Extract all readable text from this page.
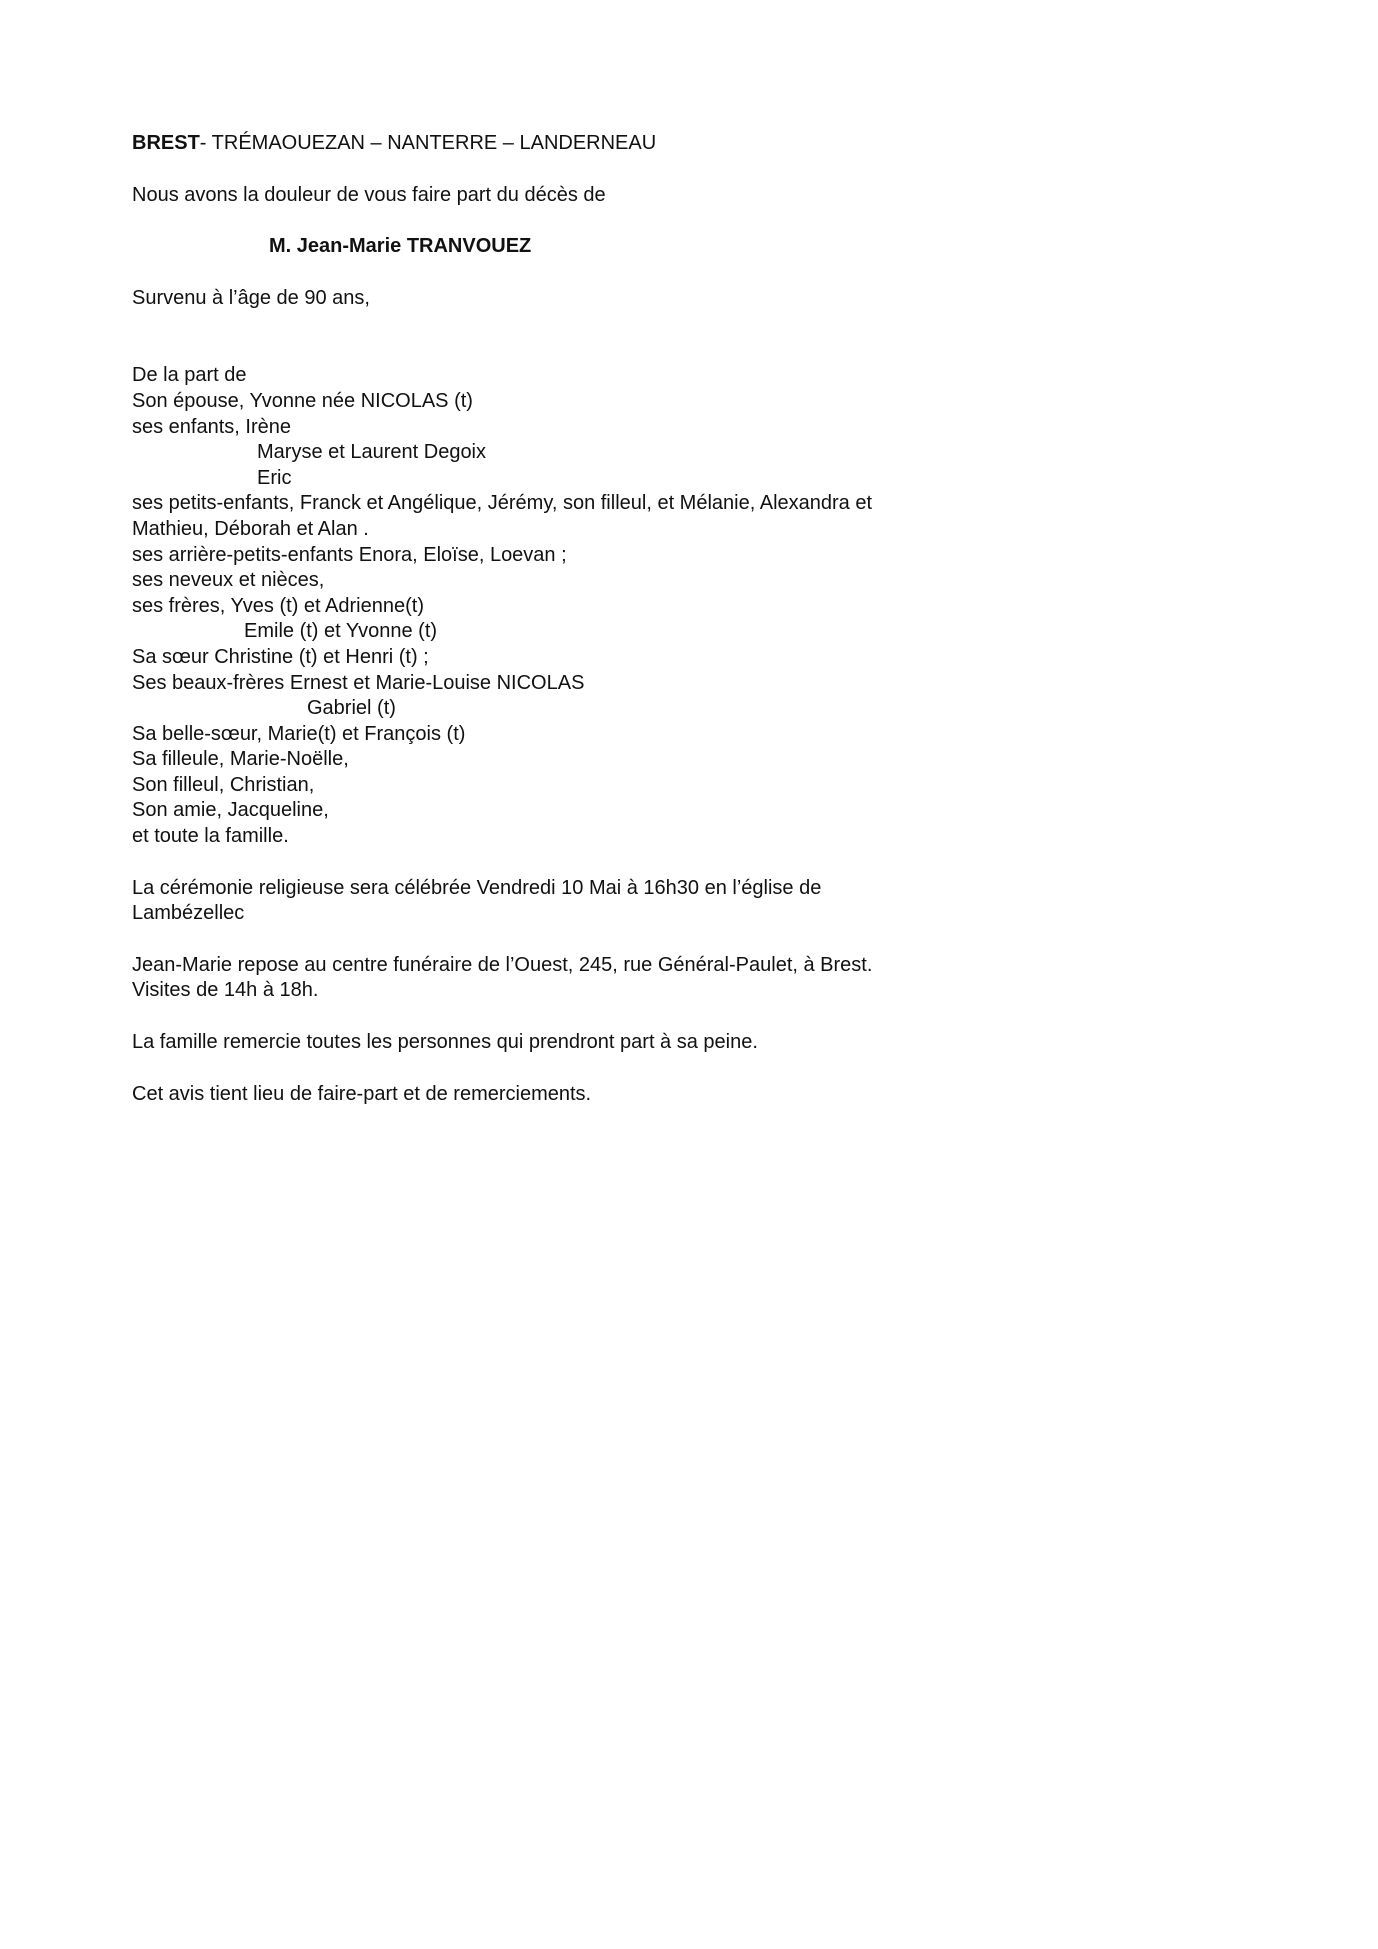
BREST- TRÉMAOUEZAN – NANTERRE – LANDERNEAU
Nous avons la douleur de vous faire part du décès de
M. Jean-Marie TRANVOUEZ
Survenu à l’âge de 90 ans,
De la part de
Son épouse, Yvonne née NICOLAS (t)
ses enfants, Irène
Maryse et Laurent Degoix
Eric
ses petits-enfants, Franck et Angélique, Jérémy, son filleul, et Mélanie, Alexandra et
Mathieu, Déborah et Alan .
ses arrière-petits-enfants Enora, Eloïse, Loevan ;
ses neveux et nièces,
ses frères, Yves (t) et Adrienne(t)
Emile (t) et Yvonne (t)
Sa sœur Christine (t) et Henri (t) ;
Ses beaux-frères Ernest et Marie-Louise NICOLAS
Gabriel (t)
Sa belle-sœur, Marie(t) et François (t)
Sa filleule, Marie-Noëlle,
Son filleul, Christian,
Son amie, Jacqueline,
et toute la famille.
La cérémonie religieuse sera célébrée Vendredi 10 Mai à 16h30 en l’église de
Lambézellec
Jean-Marie repose au centre funéraire de l’Ouest, 245, rue Général-Paulet, à Brest.
Visites de 14h à 18h.
La famille remercie toutes les personnes qui prendront part à sa peine.
Cet avis tient lieu de faire-part et de remerciements.
